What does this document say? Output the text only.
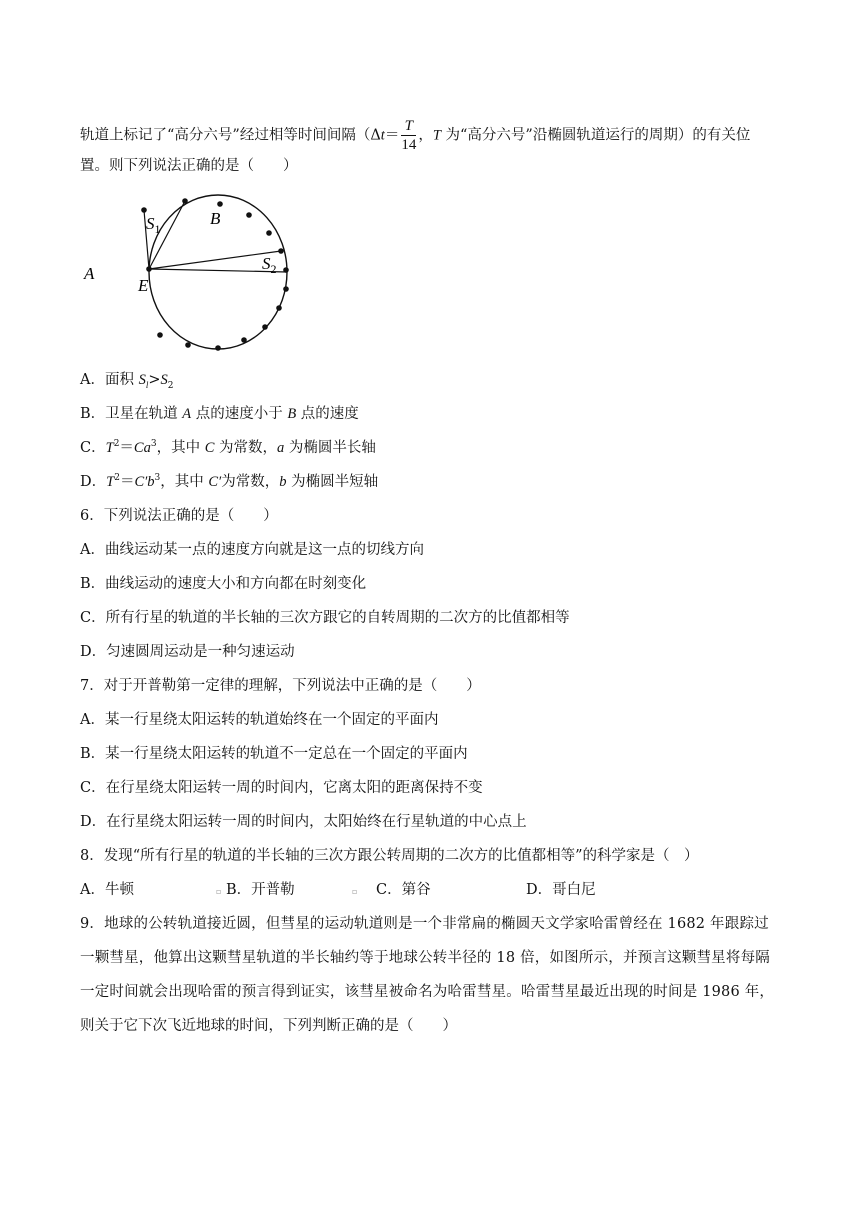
轨道上标记了“高分六号”经过相等时间间隔（$\Delta t= \frac{T}{14}$ ，T 为“高分六号”沿椭圆轨道运行的周期）的有关位
置。则下列说法正确的是（　　）
A
E
B
$S_1$
$S_2$
A．面积 $S_l>S_2$
B．卫星在轨道 A 点的速度小于 B 点的速度
C．$T^2=Ca^3$，其中 C 为常数，a 为椭圆半长轴
D．$T^2=C'b^3$，其中 C′为常数，b 为椭圆半短轴
6．下列说法正确的是（　　）
A．曲线运动某一点的速度方向就是这一点的切线方向
B．曲线运动的速度大小和方向都在时刻变化
C．所有行星的轨道的半长轴的三次方跟它的自转周期的二次方的比值都相等
D．匀速圆周运动是一种匀速运动
7．对于开普勒第一定律的理解，下列说法中正确的是（　　）
A．某一行星绕太阳运转的轨道始终在一个固定的平面内
B．某一行星绕太阳运转的轨道不一定总在一个固定的平面内
C．在行星绕太阳运转一周的时间内，它离太阳的距离保持不变
D．在行星绕太阳运转一周的时间内，太阳始终在行星轨道的中心点上
8．发现“所有行星的轨道的半长轴的三次方跟公转周期的二次方的比值都相等”的科学家是（　）
A．牛顿	▫ B．开普勒	▫ C．第谷	D．哥白尼
9．地球的公转轨道接近圆，但彗星的运动轨道则是一个非常扁的椭圆天文学家哈雷曾经在 1682 年跟踪过
一颗彗星，他算出这颗彗星轨道的半长轴约等于地球公转半径的 18 倍，如图所示，并预言这颗彗星将每隔
一定时间就会出现哈雷的预言得到证实，该彗星被命名为哈雷彗星。哈雷彗星最近出现的时间是 1986 年，
则关于它下次飞近地球的时间，下列判断正确的是（　　）
